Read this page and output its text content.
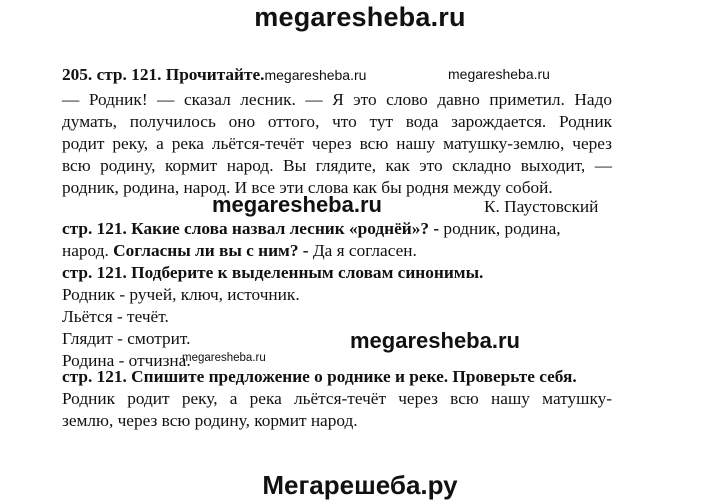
megaresheba.ru
205. стр. 121. Прочитайте.megaresheba.ru	megaresheba.ru
— Родник! — сказал лесник. — Я это слово давно приметил. Надо
думать, получилось оно оттого, что тут вода зарождается. Родник
родит реку, а река льётся-течёт через всю нашу матушку-землю, через
всю родину, кормит народ. Вы глядите, как это складно выходит, —
родник, родина, народ. И все эти слова как бы родня между собой.
megaresheba.ru	К. Паустовский
стр. 121. Какие слова назвал лесник «роднёй»? - родник, родина,
народ. Согласны ли вы с ним? - Да я согласен.
стр. 121. Подберите к выделенным словам синонимы.
Родник - ручей, ключ, источник.
Льётся - течёт.
Глядит - смотрит.
Родина - отчизна.
megaresheba.ru
megaresheba.ru
стр. 121. Спишите предложение о роднике и реке. Проверьте себя.
Родник родит реку, а река льётся-течёт через всю нашу матушку-
землю, через всю родину, кормит народ.
Мегарешеба.ру
